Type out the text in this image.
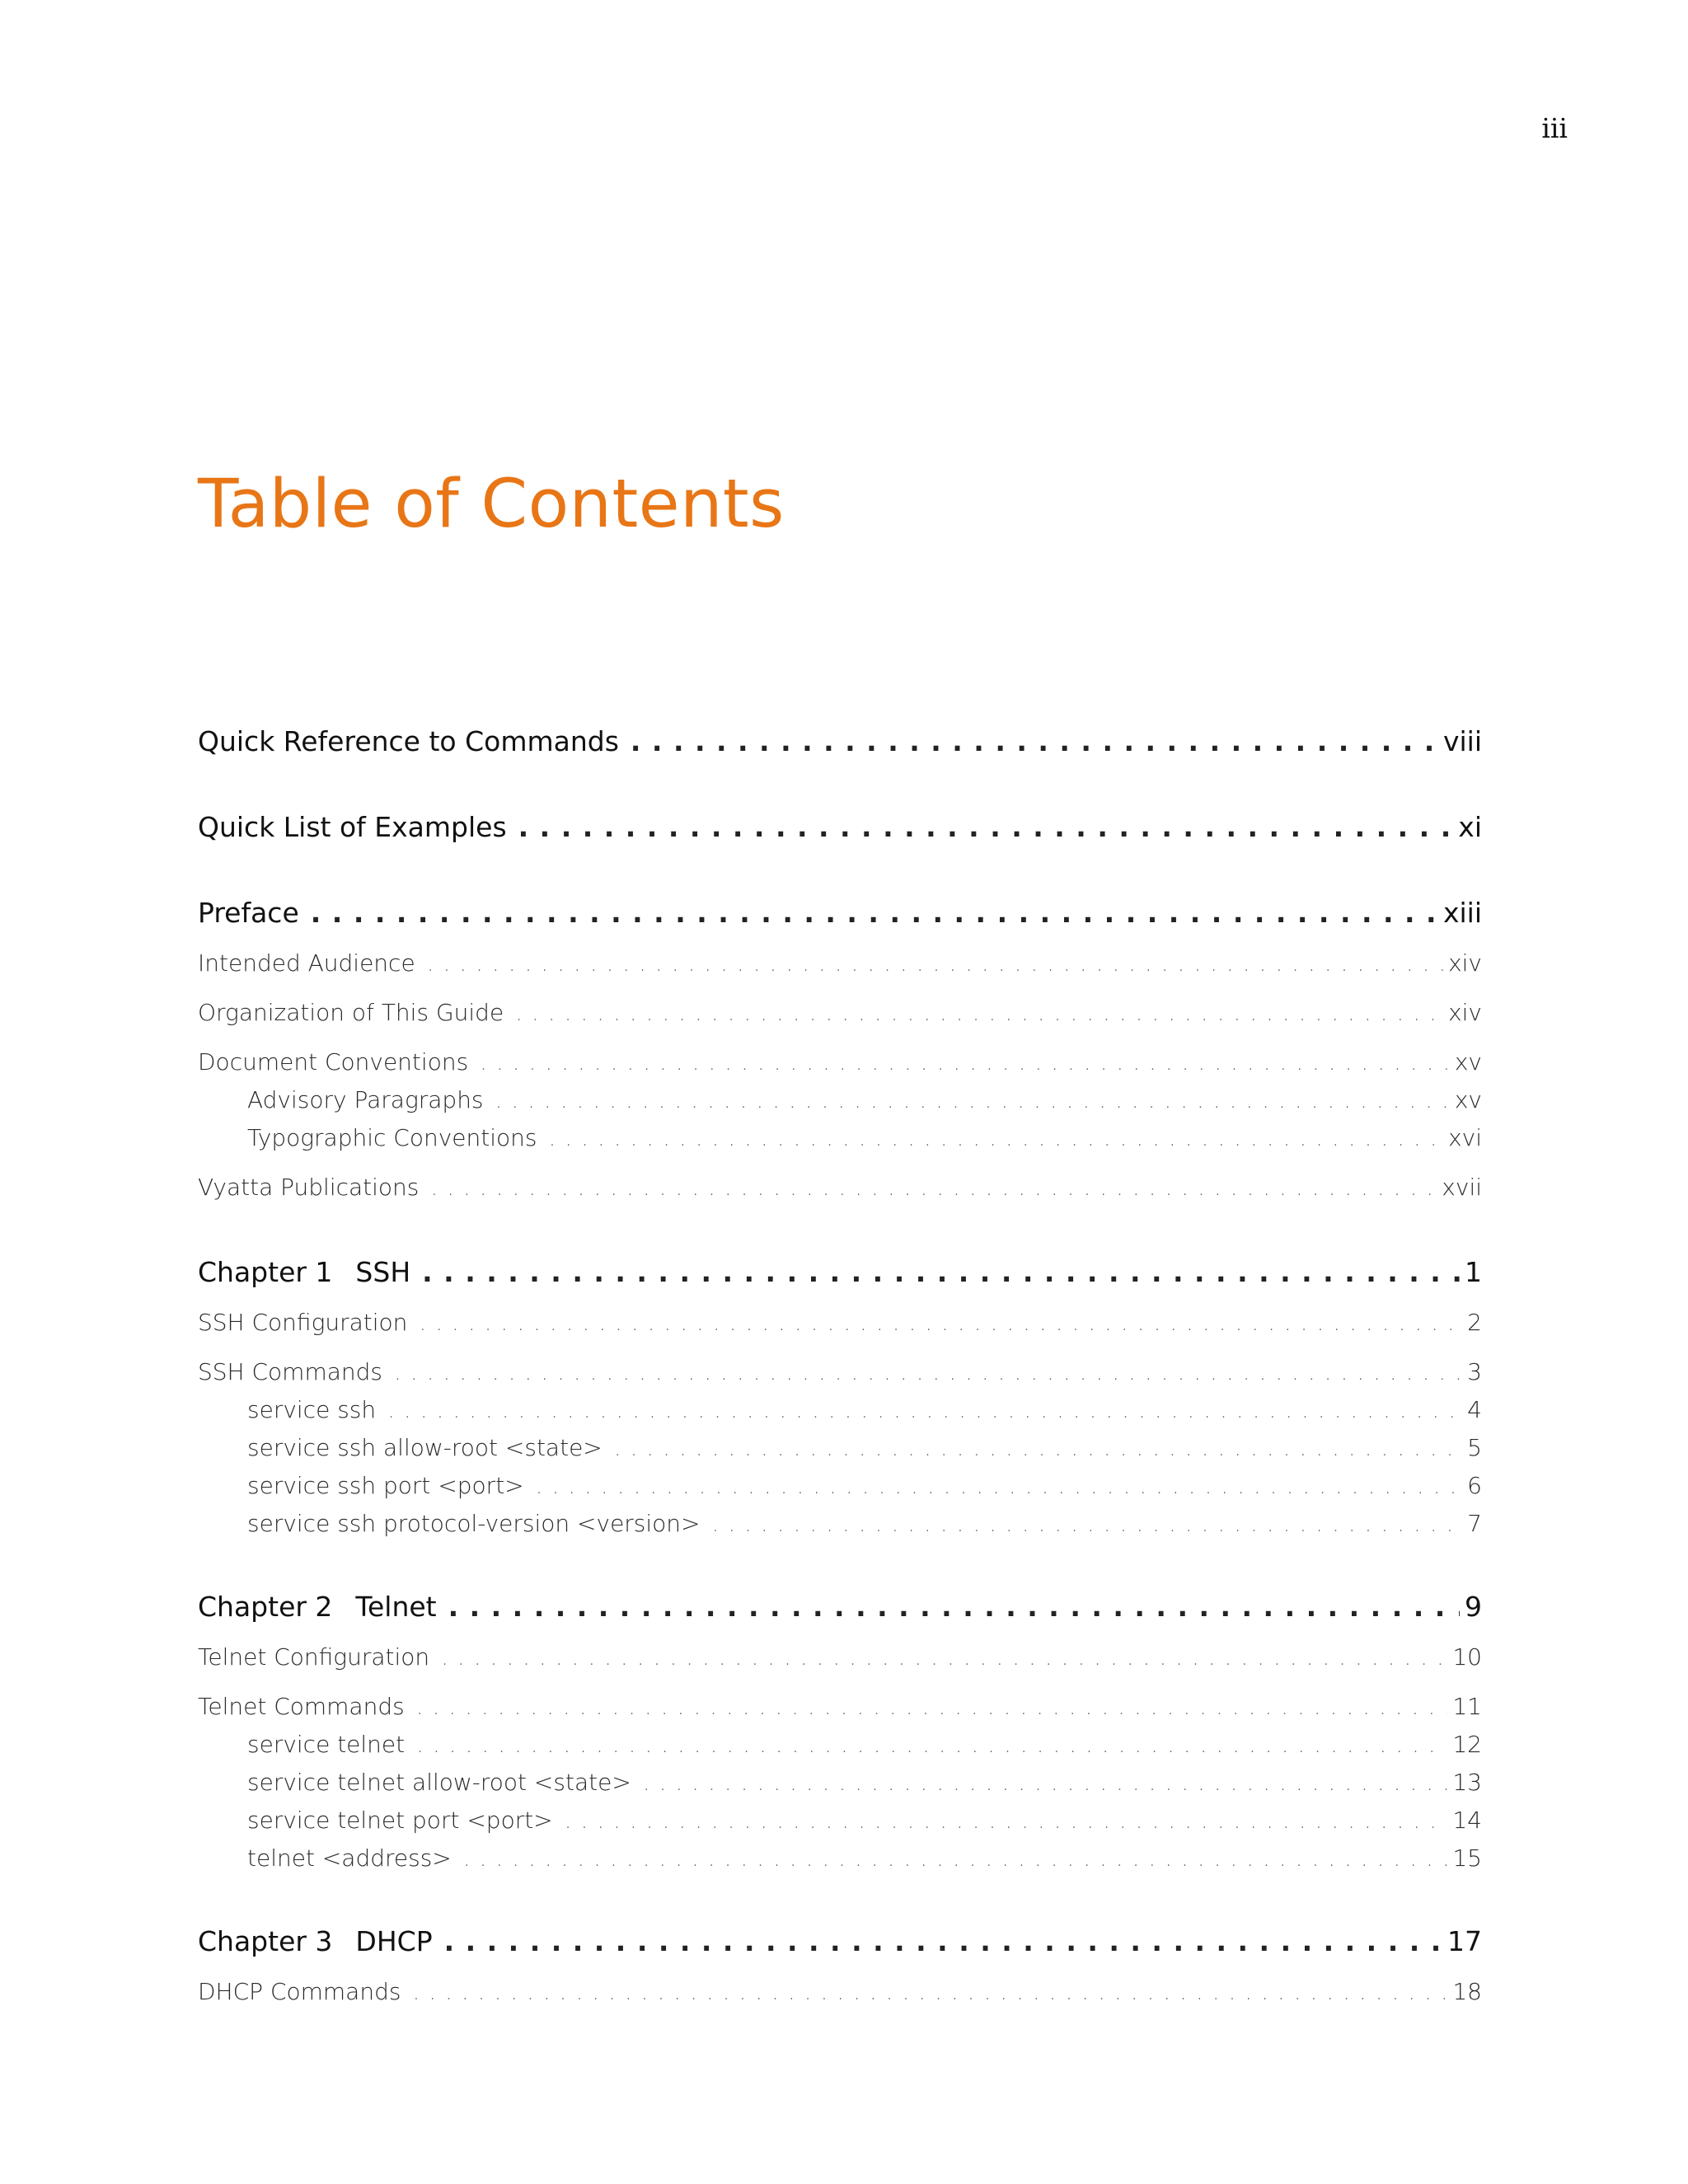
iii
Table of Contents
Quick Reference to Commands . . .	viii
Quick List of Examples . . .	xi
Preface . . .	xiii
Intended Audience . . .	xiv
Organization of This Guide . . .	xiv
Document Conventions . . .	xv
Advisory Paragraphs . . .	xv
Typographic Conventions . . .	xvi
Vyatta Publications . . .	xvii
Chapter 1 SSH . . .	1
SSH Configuration . . .	2
SSH Commands . . .	3
service ssh . . .	4
service ssh allow-root <state> . . .	5
service ssh port <port> . . .	6
service ssh protocol-version <version> . . .	7
Chapter 2 Telnet . . .	9
Telnet Configuration . . .	10
Telnet Commands . . .	11
service telnet . . .	12
service telnet allow-root <state> . . .	13
service telnet port <port> . . .	14
telnet <address> . . .	15
Chapter 3 DHCP . . .	17
DHCP Commands . . .	18
